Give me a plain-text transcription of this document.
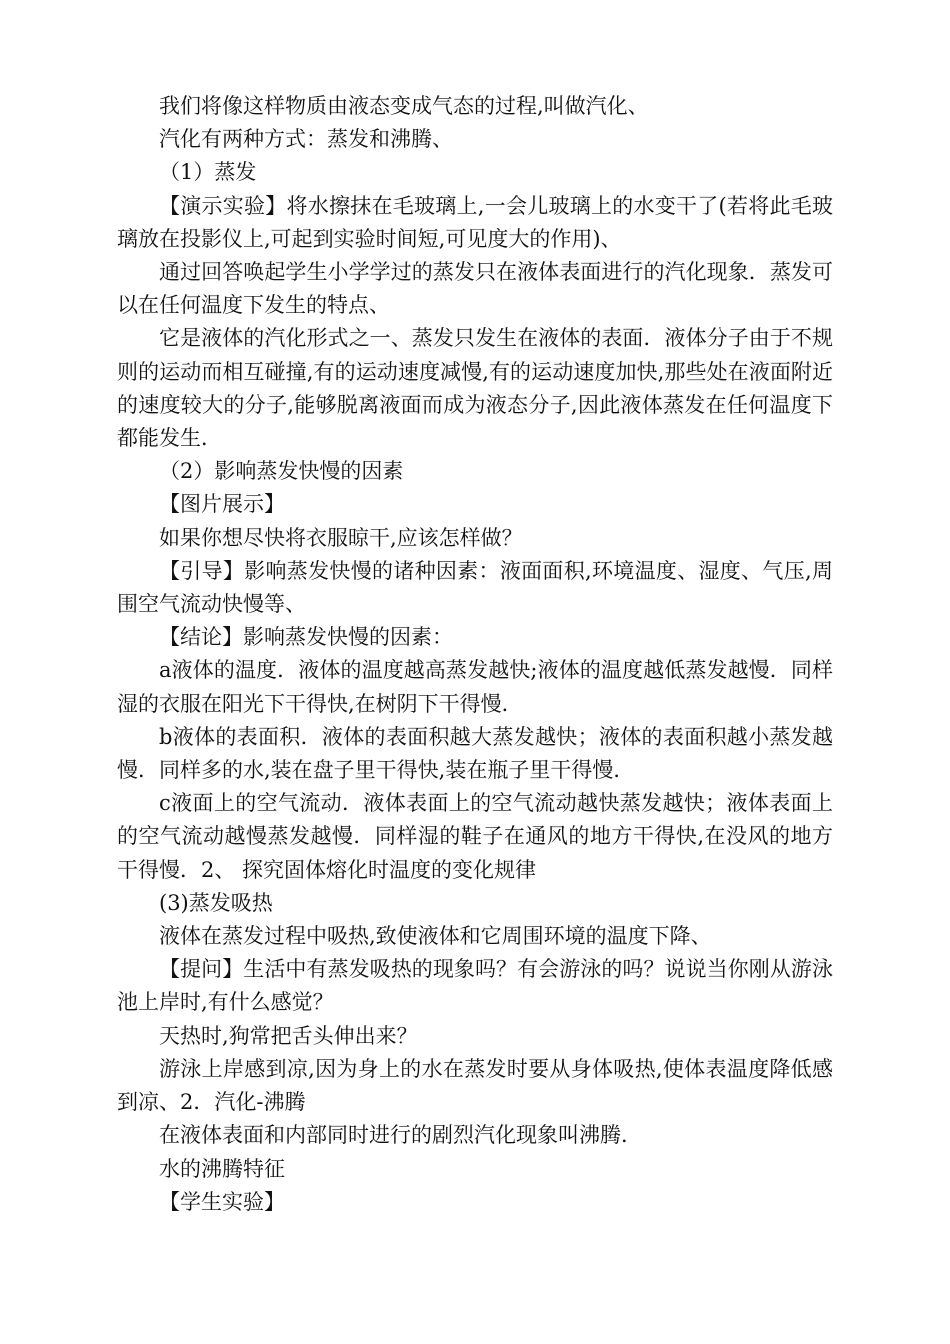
我们将像这样物质由液态变成气态的过程,叫做汽化、

汽化有两种方式：蒸发和沸腾、

（1）蒸发

【演示实验】将水擦抹在毛玻璃上,一会儿玻璃上的水变干了(若将此毛玻璃放在投影仪上,可起到实验时间短,可见度大的作用)、

通过回答唤起学生小学学过的蒸发只在液体表面进行的汽化现象．蒸发可以在任何温度下发生的特点、

它是液体的汽化形式之一、蒸发只发生在液体的表面．液体分子由于不规则的运动而相互碰撞,有的运动速度减慢,有的运动速度加快,那些处在液面附近的速度较大的分子,能够脱离液面而成为液态分子,因此液体蒸发在任何温度下都能发生．

（2）影响蒸发快慢的因素

【图片展示】

如果你想尽快将衣服晾干,应该怎样做？

【引导】影响蒸发快慢的诸种因素：液面面积,环境温度、湿度、气压,周围空气流动快慢等、

【结论】影响蒸发快慢的因素：

a液体的温度．液体的温度越高蒸发越快;液体的温度越低蒸发越慢．同样湿的衣服在阳光下干得快,在树阴下干得慢．

b液体的表面积．液体的表面积越大蒸发越快；液体的表面积越小蒸发越慢．同样多的水,装在盘子里干得快,装在瓶子里干得慢．

c液面上的空气流动．液体表面上的空气流动越快蒸发越快；液体表面上的空气流动越慢蒸发越慢．同样湿的鞋子在通风的地方干得快,在没风的地方干得慢．2、 探究固体熔化时温度的变化规律

(3)蒸发吸热

液体在蒸发过程中吸热,致使液体和它周围环境的温度下降、

【提问】生活中有蒸发吸热的现象吗？有会游泳的吗？说说当你刚从游泳池上岸时,有什么感觉？

天热时,狗常把舌头伸出来？

游泳上岸感到凉,因为身上的水在蒸发时要从身体吸热,使体表温度降低感到凉、2．汽化-沸腾

在液体表面和内部同时进行的剧烈汽化现象叫沸腾．

水的沸腾特征

【学生实验】
